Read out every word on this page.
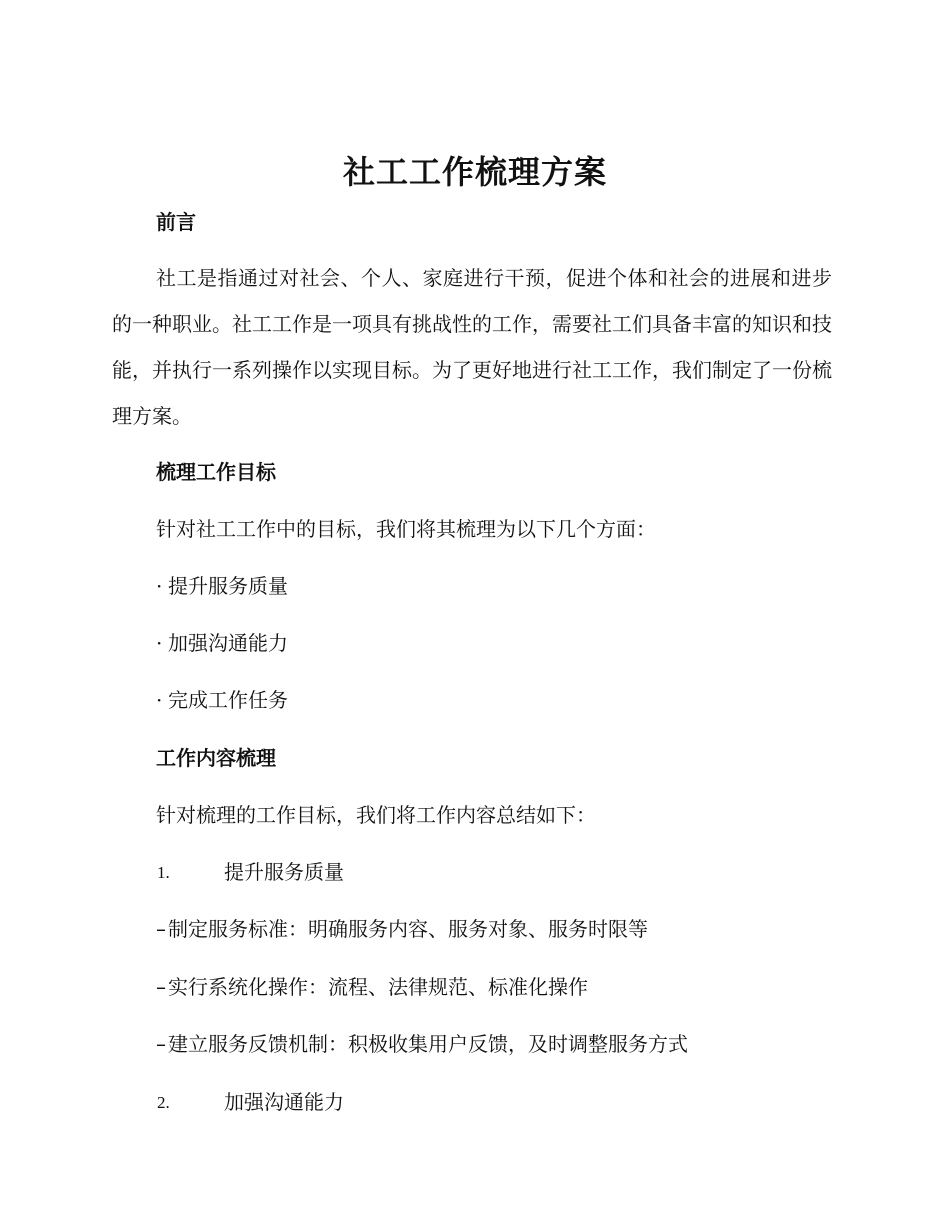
社工工作梳理方案
前言
社工是指通过对社会、个人、家庭进行干预，促进个体和社会的进展和进步的一种职业。社工工作是一项具有挑战性的工作，需要社工们具备丰富的知识和技能，并执行一系列操作以实现目标。为了更好地进行社工工作，我们制定了一份梳理方案。
梳理工作目标
针对社工工作中的目标，我们将其梳理为以下几个方面：
· 提升服务质量
· 加强沟通能力
· 完成工作任务
工作内容梳理
针对梳理的工作目标，我们将工作内容总结如下：
1.	提升服务质量
– 制定服务标准：明确服务内容、服务对象、服务时限等
– 实行系统化操作：流程、法律规范、标准化操作
– 建立服务反馈机制：积极收集用户反馈，及时调整服务方式
2.	加强沟通能力
